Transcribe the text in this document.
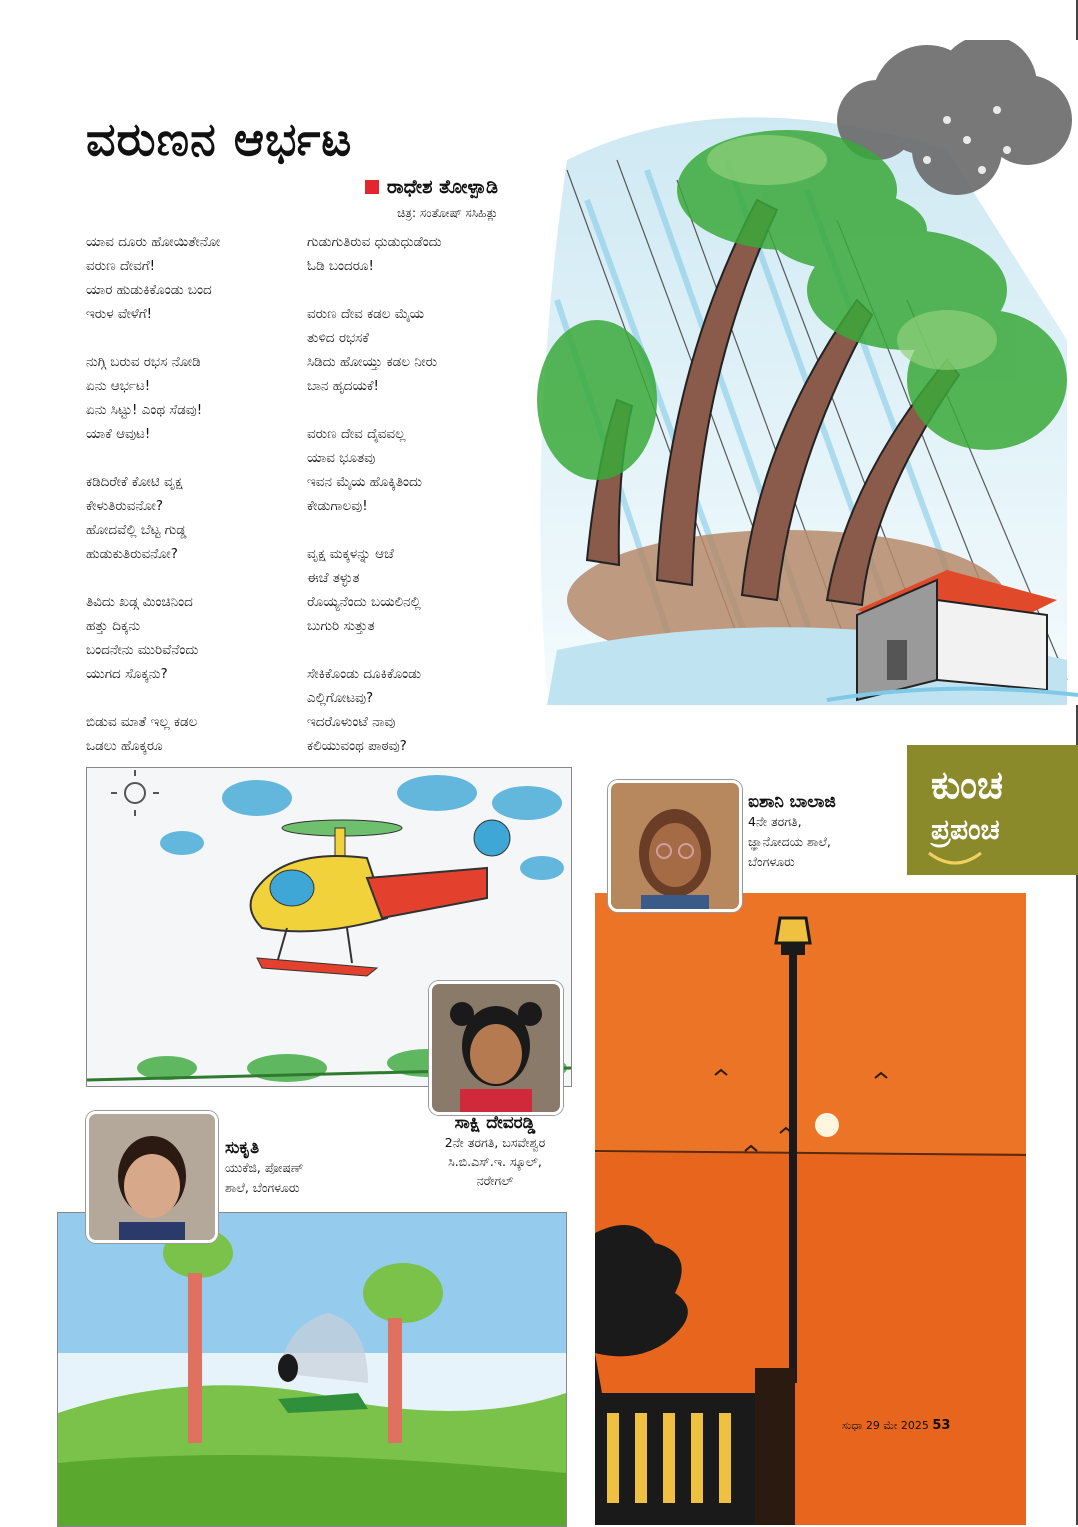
ವರುಣನ ಆರ್ಭಟ
ರಾಧೇಶ ತೋಳ್ಪಾಡಿ
ಚಿತ್ರ: ಸಂತೋಷ್ ಸಸಿಹಿತ್ಲು
ಯಾವ ದೂರು ಹೋಯಿತೇನೋ
ವರುಣ ದೇವಗೆ!
ಯಾರ ಹುಡುಕಿಕೊಂಡು ಬಂದ
ಇರುಳ ವೇಳೆಗೆ!
ನುಗ್ಗಿ ಬರುವ ರಭಸ ನೋಡಿ
ಏನು ಆರ್ಭಟ!
ಏನು ಸಿಟ್ಟು! ಎಂಥ ಸೆಡವು!
ಯಾಕೆ ಆವುಟ!
ಕಡಿದಿರೇಕೆ ಕೋಟಿ ವೃಕ್ಷ
ಕೇಳುತಿರುವನೋ?
ಹೋದವೆಲ್ಲಿ ಬೆಟ್ಟ ಗುಡ್ಡ
ಹುಡುಕುತಿರುವನೋ?
ತಿವಿದು ಖಡ್ಗ ಮಿಂಚಿನಿಂದ
ಹತ್ತು ದಿಕ್ಕನು
ಬಂದನೇನು ಮುರಿವೆನೆಂದು
ಯುಗದ ಸೊಕ್ಕನು?
ಬಿಡುವ ಮಾತೆ ಇಲ್ಲ ಕಡಲ
ಒಡಲು ಹೊಕ್ಕರೂ
ಗುಡುಗುತಿರುವ ಧುಡುಧುಡೆಂದು
ಓಡಿ ಬಂದರೂ!
ವರುಣ ದೇವ ಕಡಲ ಮೈಯ
ತುಳಿದ ರಭಸಕೆ
ಸಿಡಿದು ಹೋಯ್ತು ಕಡಲ ನೀರು
ಬಾನ ಹೃದಯಕೆ!
ವರುಣ ದೇವ ದೈವವಲ್ಲ
ಯಾವ ಭೂತವು
ಇವನ ಮೈಯ ಹೊಕ್ಕಿತಿಂದು
ಕೇಡುಗಾಲವು!
ವೃಕ್ಷ ಮಕ್ಕಳನ್ನು ಆಚೆ
ಈಚೆ ತಳ್ಳುತ
ರೊಯ್ಯನೆಂದು ಬಯಲಿನಲ್ಲಿ
ಬುಗುರಿ ಸುತ್ತುತ
ಸೇಕಿಕೊಂಡು ದೂಕಿಕೊಂಡು
ಎಲ್ಲಿಗೋಟವು?
ಇದರೊಳುಂಟೆ ನಾವು
ಕಲಿಯುವಂಥ ಪಾಠವು?
ಕುಂಚ
ಪ್ರಪಂಚ
ಐಶಾನಿ ಬಾಲಾಜಿ
4ನೇ ತರಗತಿ,
ಜ್ಞಾನೋದಯ ಶಾಲೆ,
ಬೆಂಗಳೂರು
ಸಾಕ್ಷಿ ದೇವರಡ್ಡಿ
2ನೇ ತರಗತಿ, ಬಸವೇಶ್ವರ
ಸಿ.ಬಿ.ಎಸ್.ಇ. ಸ್ಕೂಲ್,
ನರೇಗಲ್
ಸುಕೃತಿ
ಯುಕೆಜಿ, ಪೋಷಣ್
ಶಾಲೆ, ಬೆಂಗಳೂರು
ಸುಧಾ 29 ಮೇ 2025 53
